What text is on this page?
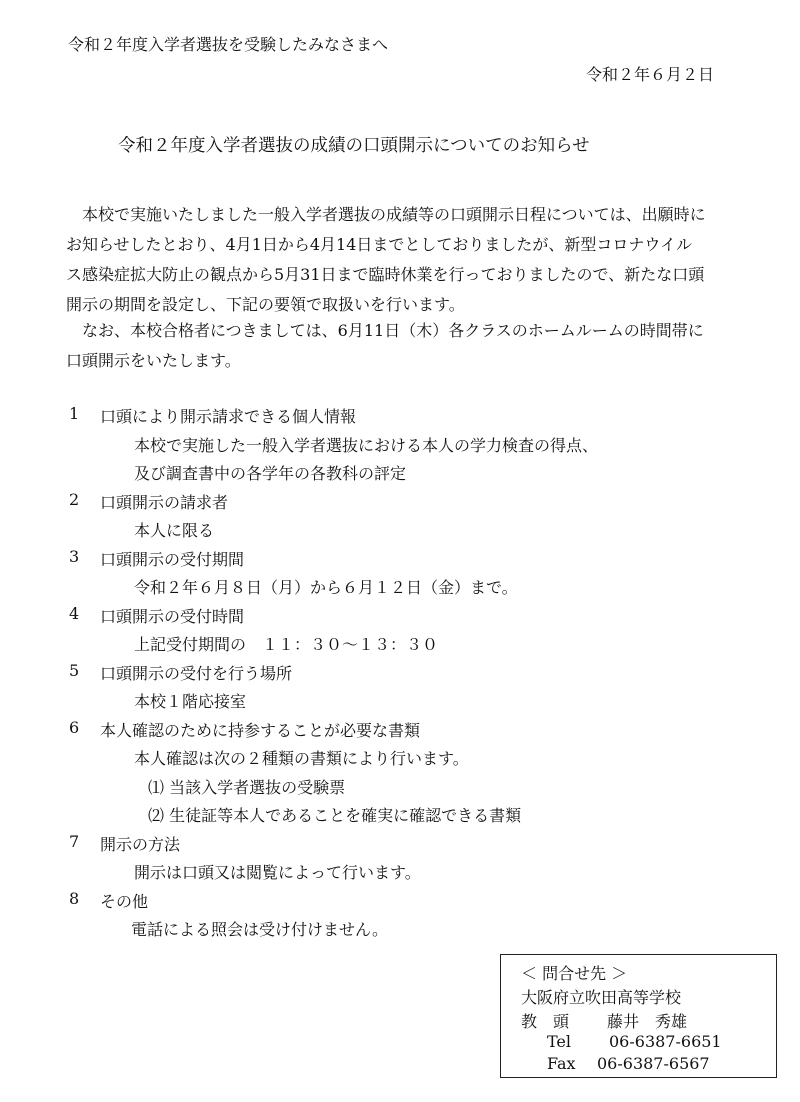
令和２年度入学者選抜を受験したみなさまへ
令和２年６月２日
令和２年度入学者選抜の成績の口頭開示についてのお知らせ
本校で実施いたしました一般入学者選抜の成績等の口頭開示日程については、出願時に
お知らせしたとおり、4月1日から4月14日までとしておりましたが、新型コロナウイル
ス感染症拡大防止の観点から5月31日まで臨時休業を行っておりましたので、新たな口頭
開示の期間を設定し、下記の要領で取扱いを行います。
なお、本校合格者につきましては、6月11日（木）各クラスのホームルームの時間帯に
口頭開示をいたします。
1 口頭により開示請求できる個人情報
本校で実施した一般入学者選抜における本人の学力検査の得点、
及び調査書中の各学年の各教科の評定
2 口頭開示の請求者
本人に限る
3 口頭開示の受付期間
令和２年６月８日（月）から６月１２日（金）まで。
4 口頭開示の受付時間
上記受付期間の　１１：３０～１３：３０
5 口頭開示の受付を行う場所
本校１階応接室
6 本人確認のために持参することが必要な書類
本人確認は次の２種類の書類により行います。
⑴ 当該入学者選抜の受験票
⑵ 生徒証等本人であることを確実に確認できる書類
7 開示の方法
開示は口頭又は閲覧によって行います。
8 その他
電話による照会は受け付けません。
＜ 問合せ先 ＞
大阪府立吹田高等学校
教　頭 藤井　秀雄
Tel 06-6387-6651
Fax 06-6387-6567
